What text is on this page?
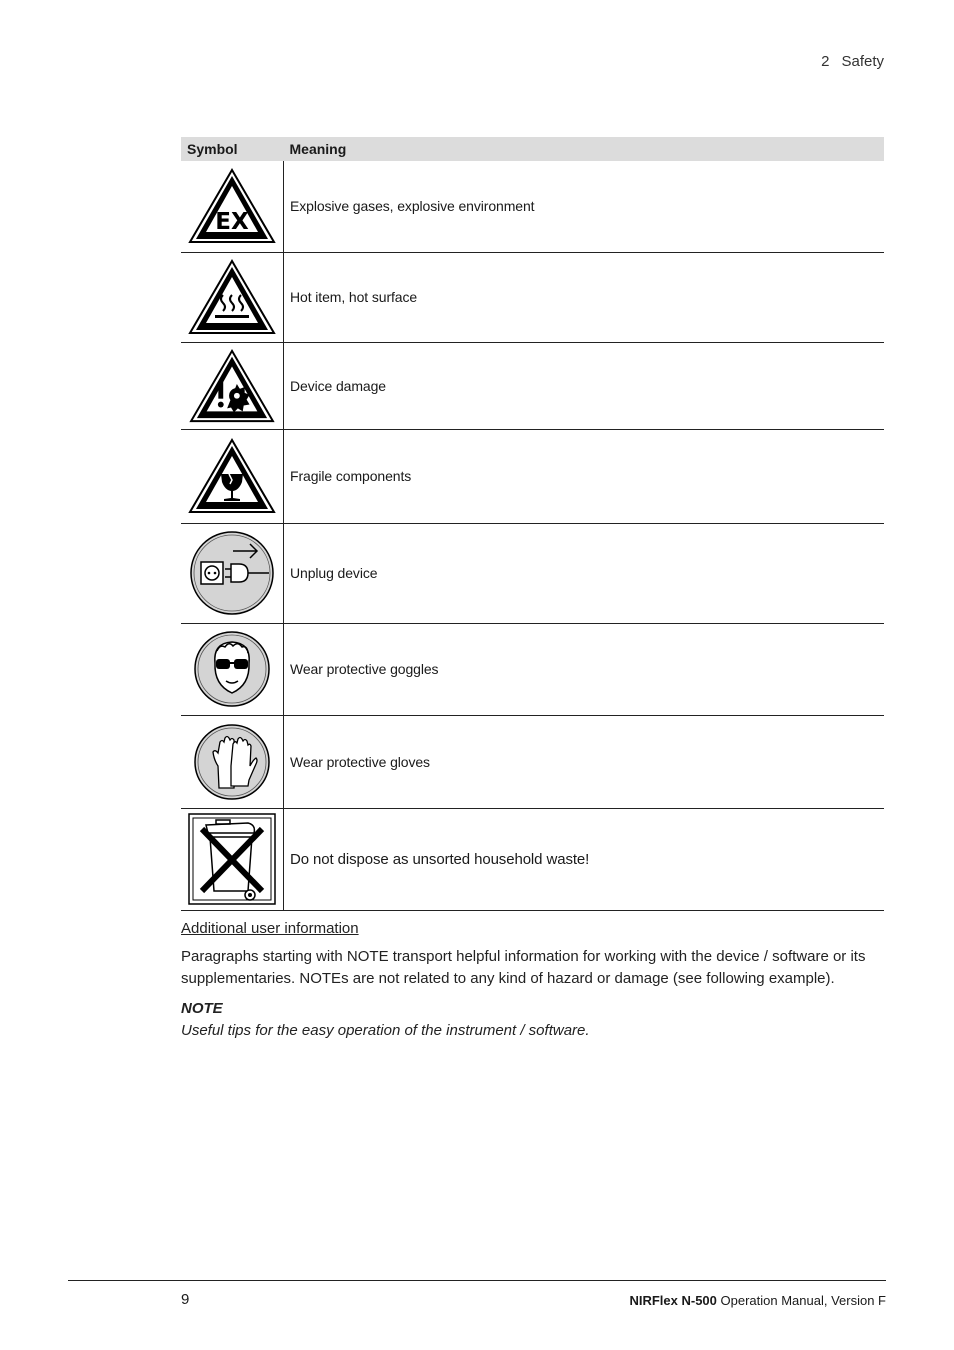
2 Safety
Symbol	Meaning

EX	Explosive gases, explosive environment

	Hot item, hot surface

	Device damage

	Fragile components

	Unplug device

	Wear protective goggles

	Wear protective gloves

	Do not dispose as unsorted household waste!

Additional user information

Paragraphs starting with NOTE transport helpful information for working with the device / software or its supplementaries. NOTEs are not related to any kind of hazard or damage (see following example).

NOTE

Useful tips for the easy operation of the instrument / software.

9	NIRFlex N-500 Operation Manual, Version F
